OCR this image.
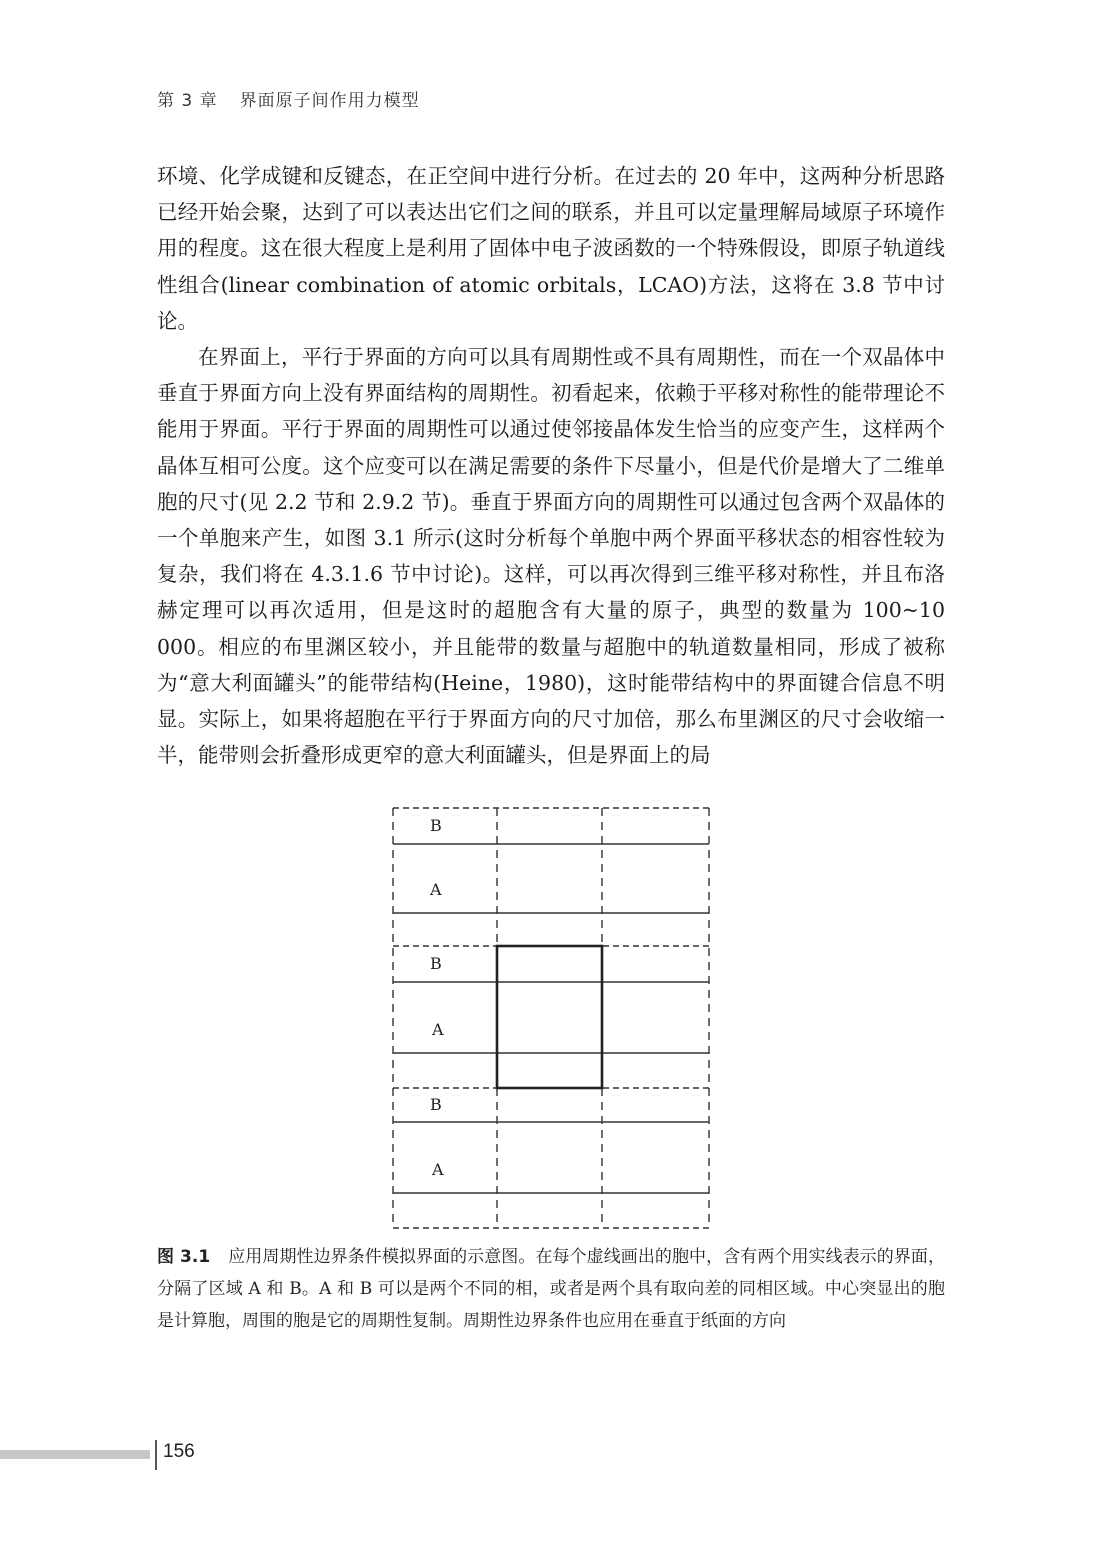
第 3 章 界面原子间作用力模型

环境、化学成键和反键态，在正空间中进行分析。在过去的 20 年中，这两种分析思路已经开始会聚，达到了可以表达出它们之间的联系，并且可以定量理解局域原子环境作用的程度。这在很大程度上是利用了固体中电子波函数的一个特殊假设，即原子轨道线性组合(linear combination of atomic orbitals，LCAO)方法，这将在 3.8 节中讨论。

在界面上，平行于界面的方向可以具有周期性或不具有周期性，而在一个双晶体中垂直于界面方向上没有界面结构的周期性。初看起来，依赖于平移对称性的能带理论不能用于界面。平行于界面的周期性可以通过使邻接晶体发生恰当的应变产生，这样两个晶体互相可公度。这个应变可以在满足需要的条件下尽量小，但是代价是增大了二维单胞的尺寸(见 2.2 节和 2.9.2 节)。垂直于界面方向的周期性可以通过包含两个双晶体的一个单胞来产生，如图 3.1 所示(这时分析每个单胞中两个界面平移状态的相容性较为复杂，我们将在 4.3.1.6 节中讨论)。这样，可以再次得到三维平移对称性，并且布洛赫定理可以再次适用，但是这时的超胞含有大量的原子，典型的数量为 100~10 000。相应的布里渊区较小，并且能带的数量与超胞中的轨道数量相同，形成了被称为“意大利面罐头”的能带结构(Heine，1980)，这时能带结构中的界面键合信息不明显。实际上，如果将超胞在平行于界面方向的尺寸加倍，那么布里渊区的尺寸会收缩一半，能带则会折叠形成更窄的意大利面罐头，但是界面上的局

B
A
B
A
B
A
图 3.1 应用周期性边界条件模拟界面的示意图。在每个虚线画出的胞中，含有两个用实线表示的界面，分隔了区域 A 和 B。A 和 B 可以是两个不同的相，或者是两个具有取向差的同相区域。中心突显出的胞是计算胞，周围的胞是它的周期性复制。周期性边界条件也应用在垂直于纸面的方向
156
